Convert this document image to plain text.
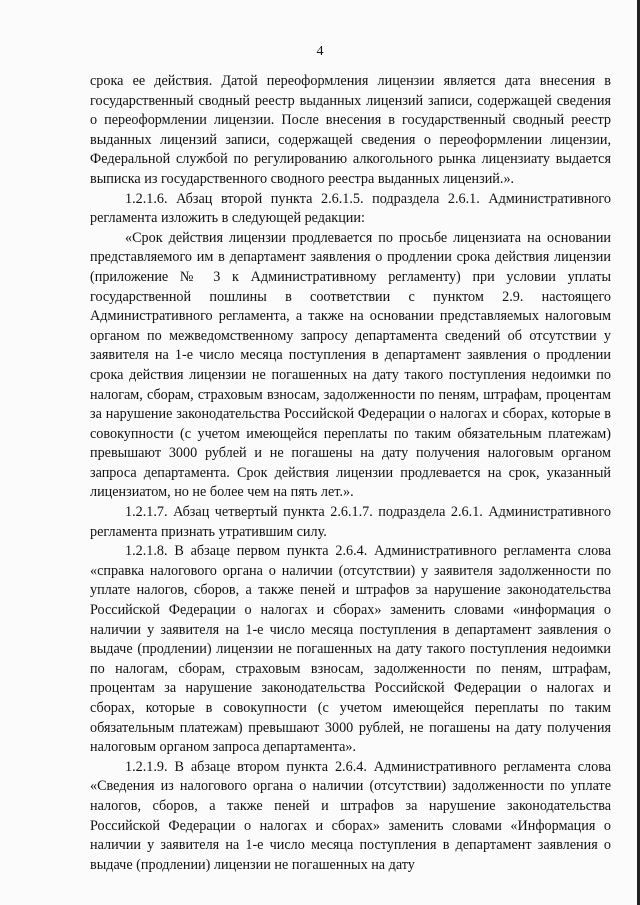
4

срока ее действия. Датой переоформления лицензии является дата внесения в государственный сводный реестр выданных лицензий записи, содержащей сведения о переоформлении лицензии. После внесения в государственный сводный реестр выданных лицензий записи, содержащей сведения о переоформлении лицензии, Федеральной службой по регулированию алкогольного рынка лицензиату выдается выписка из государственного сводного реестра выданных лицензий.».

1.2.1.6. Абзац второй пункта 2.6.1.5. подраздела 2.6.1. Административного регламента изложить в следующей редакции:

«Срок действия лицензии продлевается по просьбе лицензиата на основании представляемого им в департамент заявления о продлении срока действия лицензии (приложение № 3 к Административному регламенту) при условии уплаты государственной пошлины в соответствии с пунктом 2.9. настоящего Административного регламента, а также на основании представляемых налоговым органом по межведомственному запросу департамента сведений об отсутствии у заявителя на 1-е число месяца поступления в департамент заявления о продлении срока действия лицензии не погашенных на дату такого поступления недоимки по налогам, сборам, страховым взносам, задолженности по пеням, штрафам, процентам за нарушение законодательства Российской Федерации о налогах и сборах, которые в совокупности (с учетом имеющейся переплаты по таким обязательным платежам) превышают 3000 рублей и не погашены на дату получения налоговым органом запроса департамента. Срок действия лицензии продлевается на срок, указанный лицензиатом, но не более чем на пять лет.».

1.2.1.7. Абзац четвертый пункта 2.6.1.7. подраздела 2.6.1. Административного регламента признать утратившим силу.

1.2.1.8. В абзаце первом пункта 2.6.4. Административного регламента слова «справка налогового органа о наличии (отсутствии) у заявителя задолженности по уплате налогов, сборов, а также пеней и штрафов за нарушение законодательства Российской Федерации о налогах и сборах» заменить словами «информация о наличии у заявителя на 1-е число месяца поступления в департамент заявления о выдаче (продлении) лицензии не погашенных на дату такого поступления недоимки по налогам, сборам, страховым взносам, задолженности по пеням, штрафам, процентам за нарушение законодательства Российской Федерации о налогах и сборах, которые в совокупности (с учетом имеющейся переплаты по таким обязательным платежам) превышают 3000 рублей, не погашены на дату получения налоговым органом запроса департамента».

1.2.1.9. В абзаце втором пункта 2.6.4. Административного регламента слова «Сведения из налогового органа о наличии (отсутствии) задолженности по уплате налогов, сборов, а также пеней и штрафов за нарушение законодательства Российской Федерации о налогах и сборах» заменить словами «Информация о наличии у заявителя на 1-е число месяца поступления в департамент заявления о выдаче (продлении) лицензии не погашенных на дату
